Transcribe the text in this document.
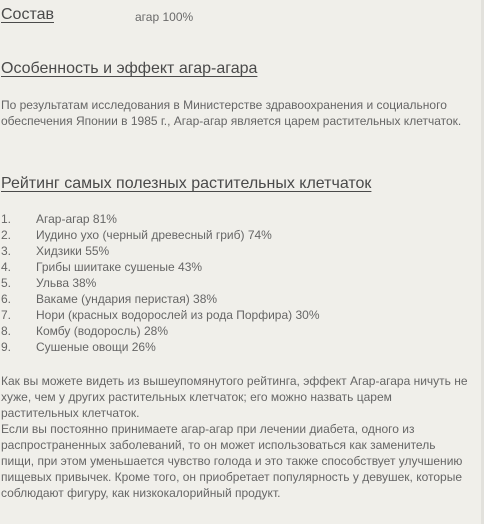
Состав	агар 100%
Особенность и эффект агар-агара
По результатам исследования в Министерстве здравоохранения и социального обеспечения Японии в 1985 г., Агар-агар является царем растительных клетчаток.
Рейтинг самых полезных растительных клетчаток
1. Агар-агар 81%
2. Иудино ухо (черный древесный гриб) 74%
3. Хидзики 55%
4. Грибы шиитаке сушеные 43%
5. Ульва 38%
6. Вакаме (ундария перистая) 38%
7. Нори (красных водорослей из рода Порфира) 30%
8. Комбу (водоросль) 28%
9. Сушеные овощи 26%
Как вы можете видеть из вышеупомянутого рейтинга, эффект Агар-агара ничуть не хуже, чем у других растительных клетчаток; его можно назвать царем растительных клетчаток.
Если вы постоянно принимаете агар-агар при лечении диабета, одного из распространенных заболеваний, то он может использоваться как заменитель пищи, при этом уменьшается чувство голода и это также способствует улучшению пищевых привычек. Кроме того, он приобретает популярность у девушек, которые соблюдают фигуру, как низкокалорийный продукт.
